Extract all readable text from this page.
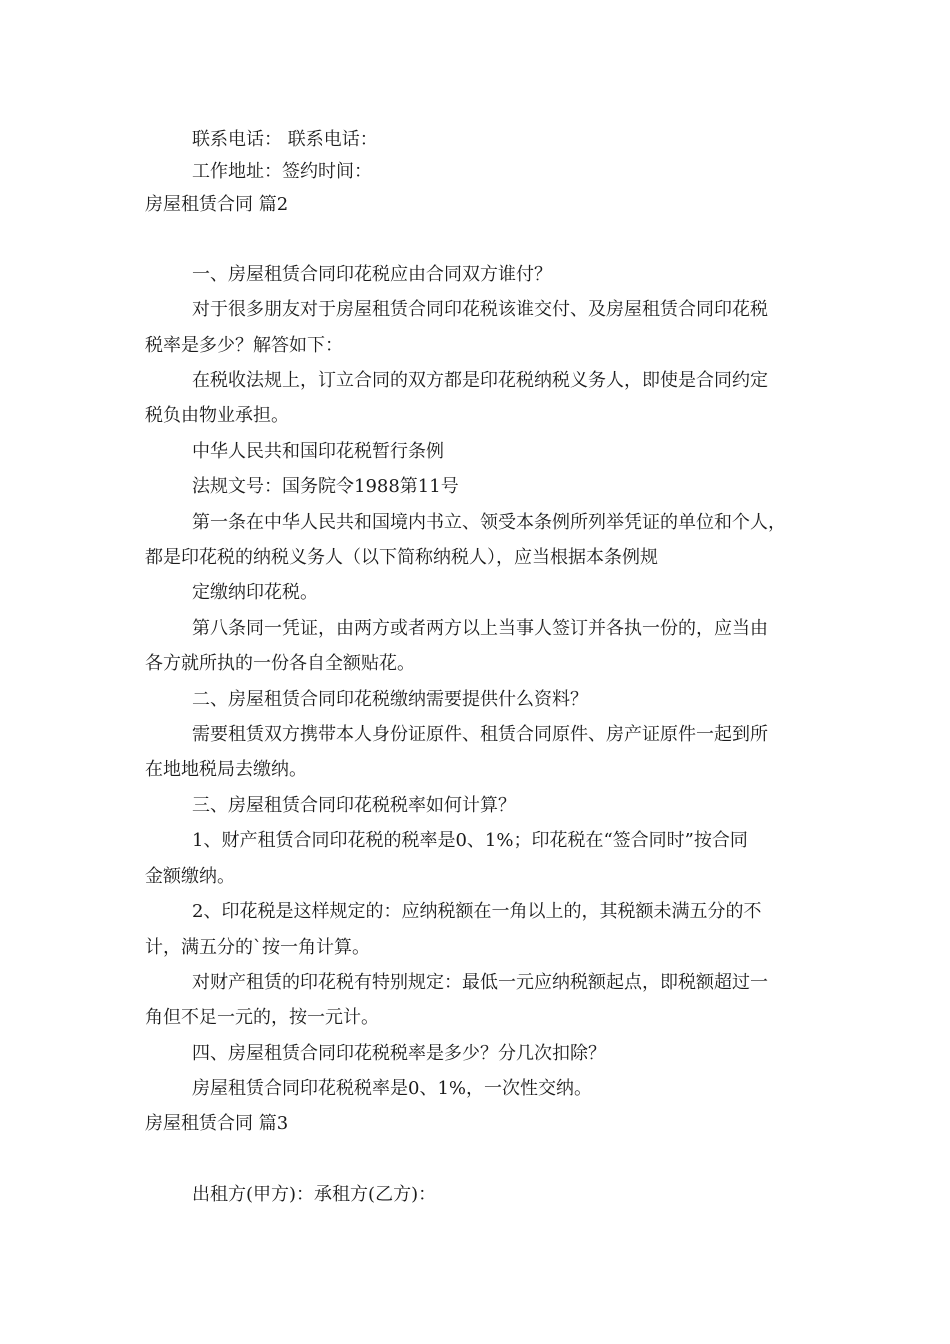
联系电话： 联系电话：
工作地址：签约时间：
房屋租赁合同 篇2
一、房屋租赁合同印花税应由合同双方谁付？
对于很多朋友对于房屋租赁合同印花税该谁交付、及房屋租赁合同印花税
税率是多少？解答如下：
在税收法规上，订立合同的双方都是印花税纳税义务人，即使是合同约定
税负由物业承担。
中华人民共和国印花税暂行条例
法规文号：国务院令1988第11号
第一条在中华人民共和国境内书立、领受本条例所列举凭证的单位和个人，
都是印花税的纳税义务人（以下简称纳税人），应当根据本条例规
定缴纳印花税。
第八条同一凭证，由两方或者两方以上当事人签订并各执一份的，应当由
各方就所执的一份各自全额贴花。
二、房屋租赁合同印花税缴纳需要提供什么资料？
需要租赁双方携带本人身份证原件、租赁合同原件、房产证原件一起到所
在地地税局去缴纳。
三、房屋租赁合同印花税税率如何计算？
1、财产租赁合同印花税的税率是0、1%；印花税在“签合同时”按合同
金额缴纳。
2、印花税是这样规定的：应纳税额在一角以上的，其税额未满五分的不
计，满五分的`按一角计算。
对财产租赁的印花税有特别规定：最低一元应纳税额起点，即税额超过一
角但不足一元的，按一元计。
四、房屋租赁合同印花税税率是多少？分几次扣除？
房屋租赁合同印花税税率是0、1%，一次性交纳。
房屋租赁合同 篇3
出租方(甲方)：承租方(乙方)：
